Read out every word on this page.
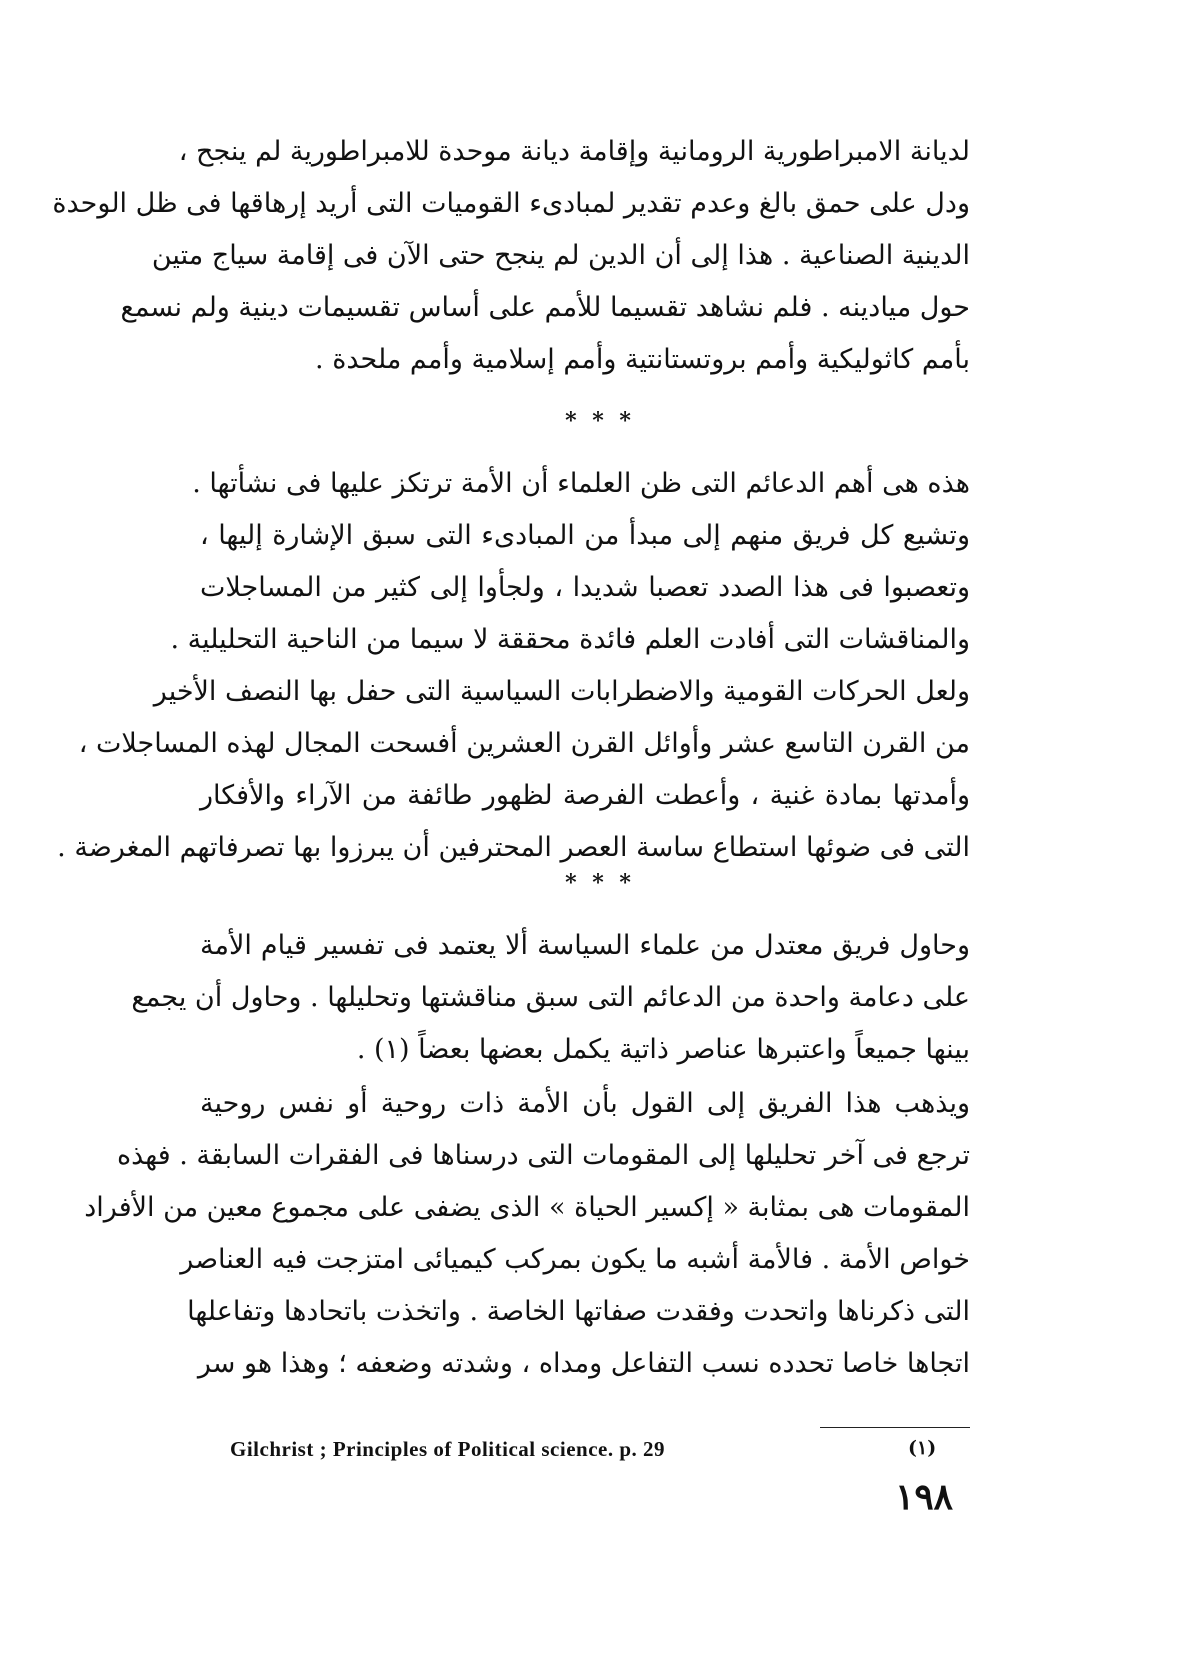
لديانة الامبراطورية الرومانية وإقامة ديانة موحدة للامبراطورية لم ينجح ،
ودل على حمق بالغ وعدم تقدير لمبادىء القوميات التى أريد إرهاقها فى ظل الوحدة
الدينية الصناعية . هذا إلى أن الدين لم ينجح حتى الآن فى إقامة سياج متين
حول ميادينه . فلم نشاهد تقسيما للأمم على أساس تقسيمات دينية ولم نسمع
بأمم كاثوليكية وأمم بروتستانتية وأمم إسلامية وأمم ملحدة .
* * *
هذه هى أهم الدعائم التى ظن العلماء أن الأمة ترتكز عليها فى نشأتها .
وتشيع كل فريق منهم إلى مبدأ من المبادىء التى سبق الإشارة إليها ،
وتعصبوا فى هذا الصدد تعصبا شديدا ، ولجأوا إلى كثير من المساجلات
والمناقشات التى أفادت العلم فائدة محققة لا سيما من الناحية التحليلية .
ولعل الحركات القومية والاضطرابات السياسية التى حفل بها النصف الأخير
من القرن التاسع عشر وأوائل القرن العشرين أفسحت المجال لهذه المساجلات ،
وأمدتها بمادة غنية ، وأعطت الفرصة لظهور طائفة من الآراء والأفكار
التى فى ضوئها استطاع ساسة العصر المحترفين أن يبرزوا بها تصرفاتهم المغرضة .
* * *
وحاول فريق معتدل من علماء السياسة ألا يعتمد فى تفسير قيام الأمة
على دعامة واحدة من الدعائم التى سبق مناقشتها وتحليلها . وحاول أن يجمع
بينها جميعاً واعتبرها عناصر ذاتية يكمل بعضها بعضاً (١) .
ويذهب هذا الفريق إلى القول بأن الأمة ذات روحية أو نفس روحية
ترجع فى آخر تحليلها إلى المقومات التى درسناها فى الفقرات السابقة . فهذه
المقومات هى بمثابة « إكسير الحياة » الذى يضفى على مجموع معين من الأفراد
خواص الأمة . فالأمة أشبه ما يكون بمركب كيميائى امتزجت فيه العناصر
التى ذكرناها واتحدت وفقدت صفاتها الخاصة . واتخذت باتحادها وتفاعلها
اتجاها خاصا تحدده نسب التفاعل ومداه ، وشدته وضعفه ؛ وهذا هو سر
Gilchrist ; Principles of Political science. p. 29	(١)
١٩٨
